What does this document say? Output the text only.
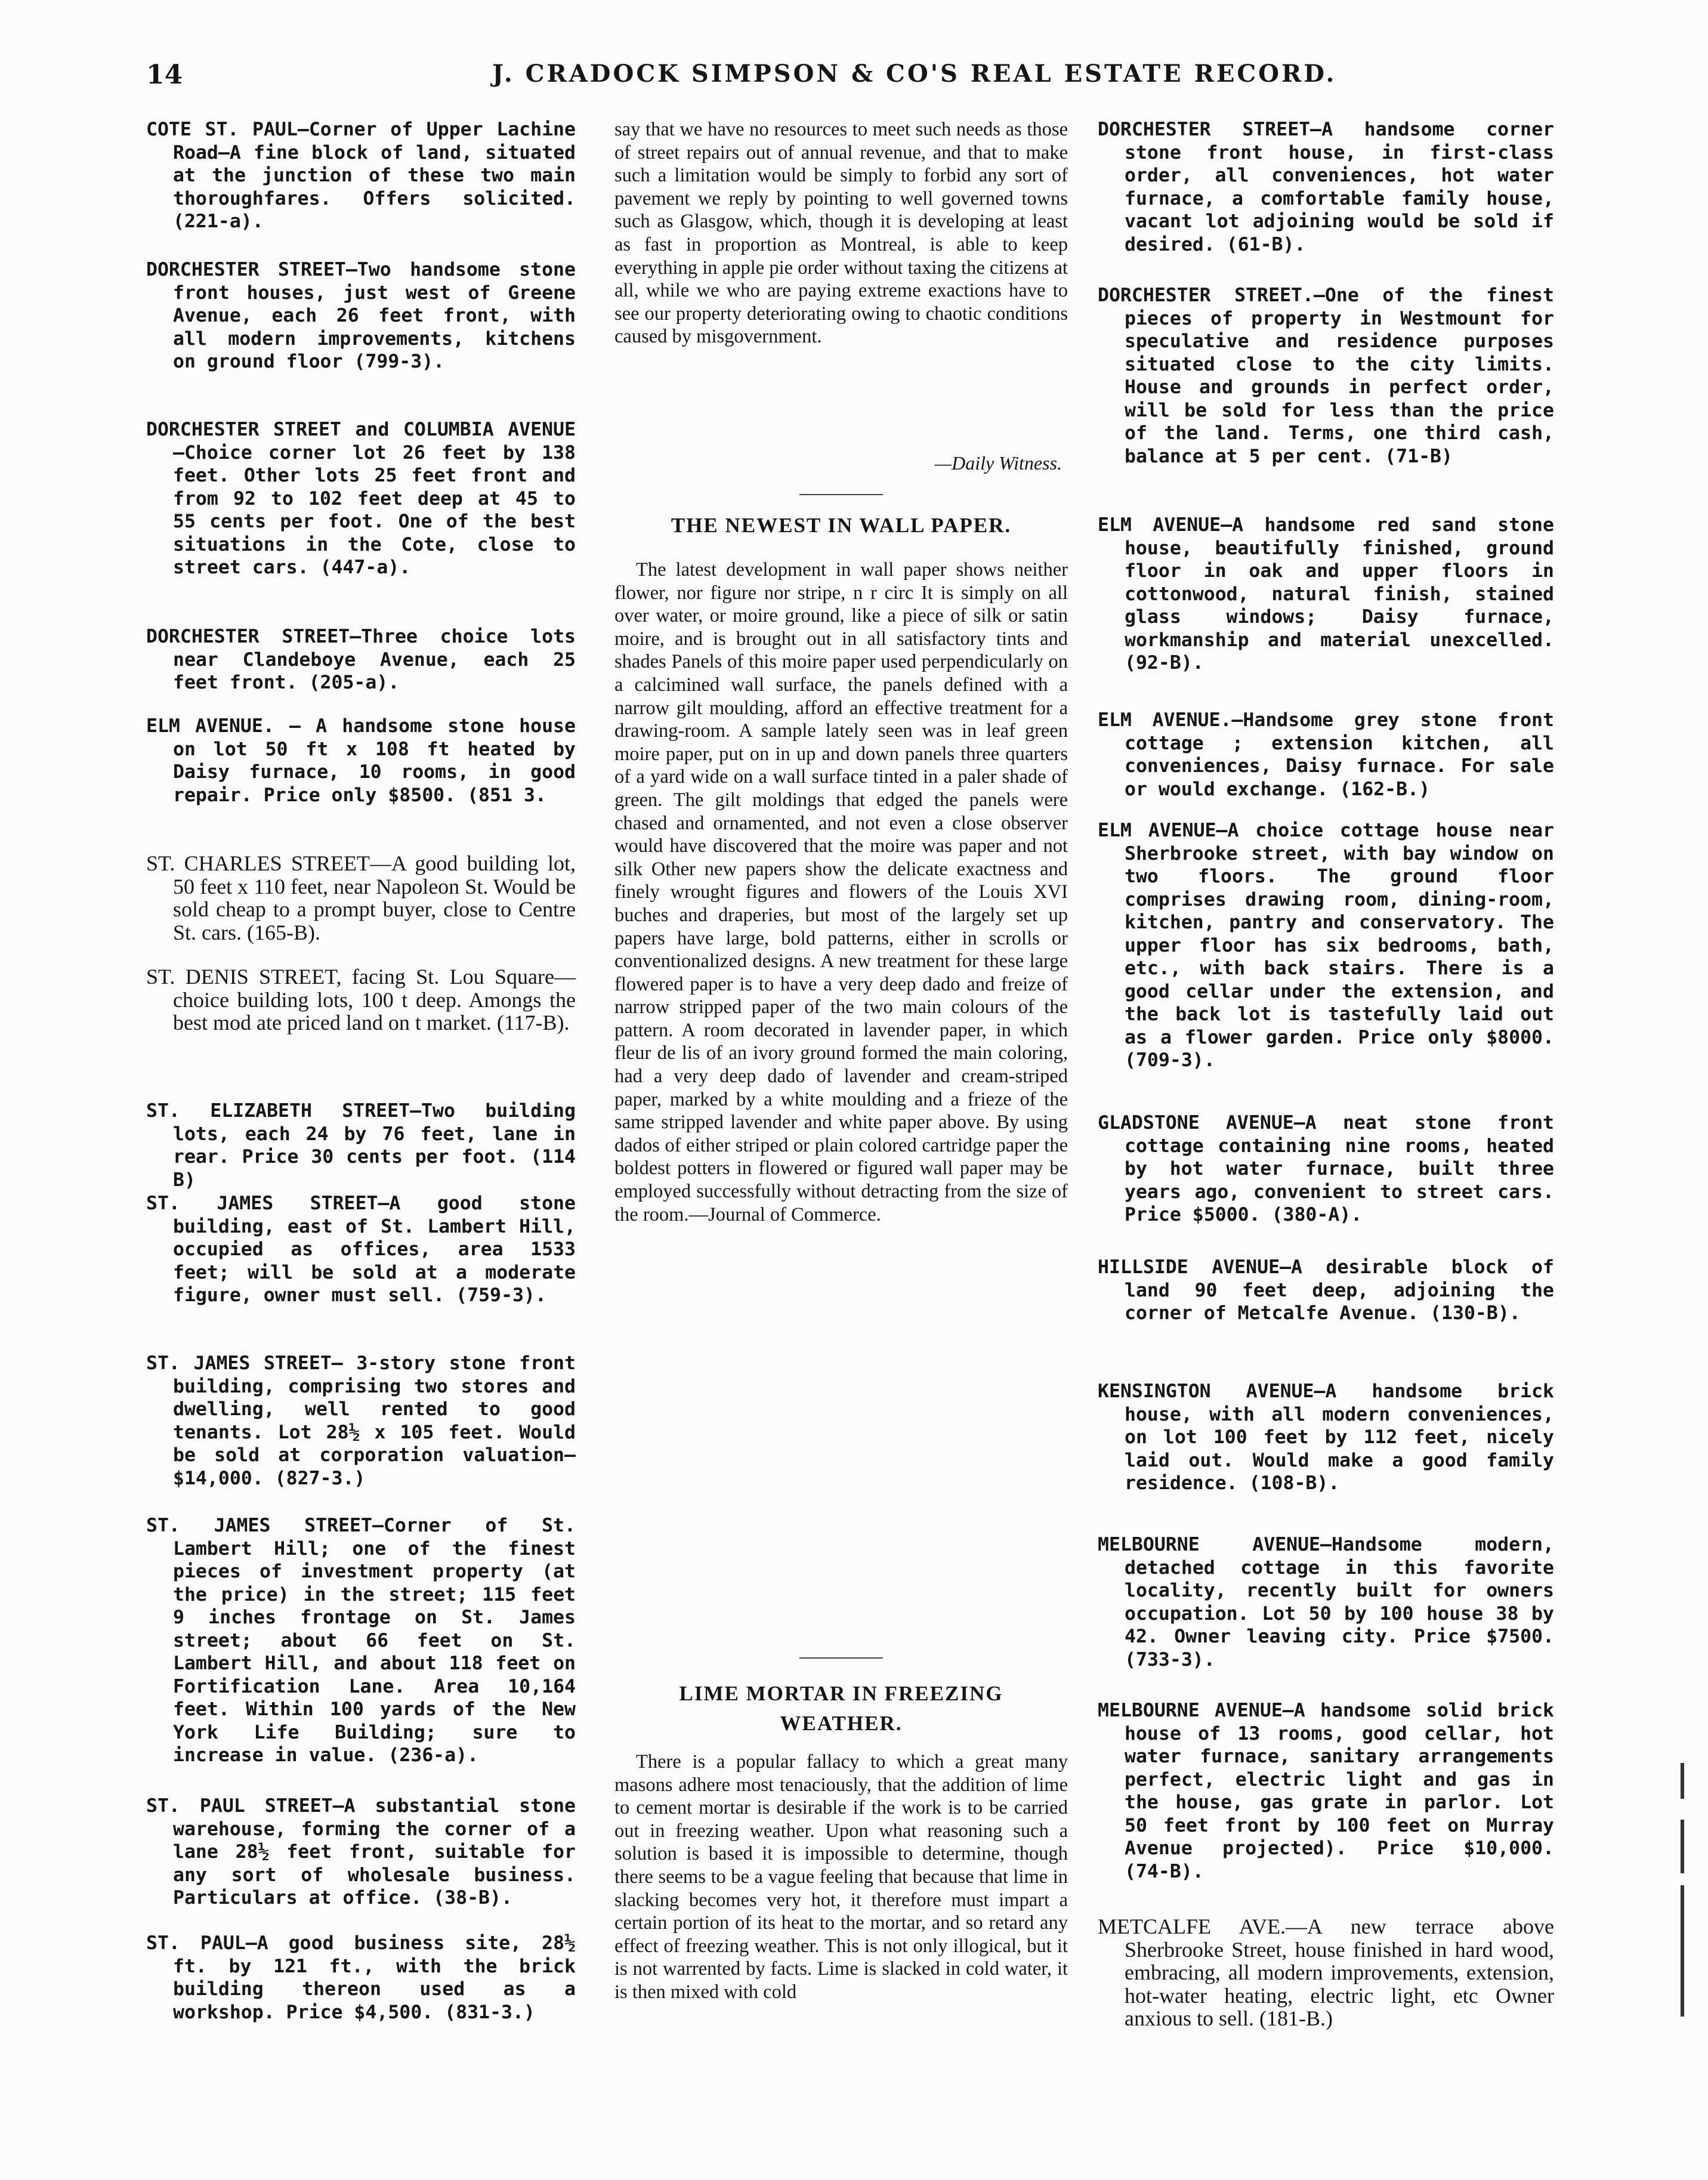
14	J. CRADOCK SIMPSON & CO'S REAL ESTATE RECORD.

COTE ST. PAUL—Corner of Upper Lachine Road—A fine block of land, situated at the junction of these two main thoroughfares. Offers solicited. (221-a).

DORCHESTER STREET—Two handsome stone front houses, just west of Greene Avenue, each 26 feet front, with all modern improvements, kitchens on ground floor (799-3).

DORCHESTER STREET and COLUMBIA AVENUE—Choice corner lot 26 feet by 138 feet. Other lots 25 feet front and from 92 to 102 feet deep at 45 to 55 cents per foot. One of the best situations in the Cote, close to street cars. (447-a).

DORCHESTER STREET—Three choice lots near Clandeboye Avenue, each 25 feet front. (205-a).

ELM AVENUE. — A handsome stone house on lot 50 ft x 108 ft heated by Daisy furnace, 10 rooms, in good repair. Price only $8500. (851 3.

ST. CHARLES STREET—A good building lot, 50 feet x 110 feet, near Napoleon St. Would be sold cheap to a prompt buyer, close to Centre St. cars. (165-B).

ST. DENIS STREET, facing St. Lou Square—choice building lots, 100 t deep. Amongs the best mod ate priced land on t market. (117-B).

ST. ELIZABETH STREET—Two building lots, each 24 by 76 feet, lane in rear. Price 30 cents per foot. (114 B)

ST. JAMES STREET—A good stone building, east of St. Lambert Hill, occupied as offices, area 1533 feet; will be sold at a moderate figure, owner must sell. (759-3).

ST. JAMES STREET— 3-story stone front building, comprising two stores and dwelling, well rented to good tenants. Lot 28½ x 105 feet. Would be sold at corporation valuation—$14,000. (827-3.)

ST. JAMES STREET—Corner of St. Lambert Hill; one of the finest pieces of investment property (at the price) in the street; 115 feet 9 inches frontage on St. James street; about 66 feet on St. Lambert Hill, and about 118 feet on Fortification Lane. Area 10,164 feet. Within 100 yards of the New York Life Building; sure to increase in value. (236-a).

ST. PAUL STREET—A substantial stone warehouse, forming the corner of a lane 28½ feet front, suitable for any sort of wholesale business. Particulars at office. (38-B).

ST. PAUL—A good business site, 28½ ft. by 121 ft., with the brick building thereon used as a workshop. Price $4,500. (831-3.)

say that we have no resources to meet such needs as those of street repairs out of annual revenue, and that to make such a limitation would be simply to forbid any sort of pavement we reply by pointing to well governed towns such as Glasgow, which, though it is developing at least as fast in proportion as Montreal, is able to keep everything in apple pie order without taxing the citizens at all, while we who are paying extreme exactions have to see our property deteriorating owing to chaotic conditions caused by misgovernment.

—Daily Witness.
THE NEWEST IN WALL PAPER.

The latest development in wall paper shows neither flower, nor figure nor stripe, n r circ It is simply on all over water, or moire ground, like a piece of silk or satin moire, and is brought out in all satisfactory tints and shades Panels of this moire paper used perpendicularly on a calcimined wall surface, the panels defined with a narrow gilt moulding, afford an effective treatment for a drawing-room. A sample lately seen was in leaf green moire paper, put on in up and down panels three quarters of a yard wide on a wall surface tinted in a paler shade of green. The gilt moldings that edged the panels were chased and ornamented, and not even a close observer would have discovered that the moire was paper and not silk Other new papers show the delicate exactness and finely wrought figures and flowers of the Louis XVI buches and draperies, but most of the largely set up papers have large, bold patterns, either in scrolls or conventionalized designs. A new treatment for these large flowered paper is to have a very deep dado and freize of narrow stripped paper of the two main colours of the pattern. A room decorated in lavender paper, in which fleur de lis of an ivory ground formed the main coloring, had a very deep dado of lavender and cream-striped paper, marked by a white moulding and a frieze of the same stripped lavender and white paper above. By using dados of either striped or plain colored cartridge paper the boldest potters in flowered or figured wall paper may be employed successfully without detracting from the size of the room.—Journal of Commerce.

LIME MORTAR IN FREEZING
WEATHER.

There is a popular fallacy to which a great many masons adhere most tenaciously, that the addition of lime to cement mortar is desirable if the work is to be carried out in freezing weather. Upon what reasoning such a solution is based it is impossible to determine, though there seems to be a vague feeling that because that lime in slacking becomes very hot, it therefore must impart a certain portion of its heat to the mortar, and so retard any effect of freezing weather. This is not only illogical, but it is not warrented by facts. Lime is slacked in cold water, it is then mixed with cold

DORCHESTER STREET—A handsome corner stone front house, in first-class order, all conveniences, hot water furnace, a comfortable family house, vacant lot adjoining would be sold if desired. (61-B).

DORCHESTER STREET.—One of the finest pieces of property in Westmount for speculative and residence purposes situated close to the city limits. House and grounds in perfect order, will be sold for less than the price of the land. Terms, one third cash, balance at 5 per cent. (71-B)

ELM AVENUE—A handsome red sand stone house, beautifully finished, ground floor in oak and upper floors in cottonwood, natural finish, stained glass windows; Daisy furnace, workmanship and material unexcelled. (92-B).

ELM AVENUE.—Handsome grey stone front cottage ; extension kitchen, all conveniences, Daisy furnace. For sale or would exchange. (162-B.)

ELM AVENUE—A choice cottage house near Sherbrooke street, with bay window on two floors. The ground floor comprises drawing room, dining-room, kitchen, pantry and conservatory. The upper floor has six bedrooms, bath, etc., with back stairs. There is a good cellar under the extension, and the back lot is tastefully laid out as a flower garden. Price only $8000. (709-3).

GLADSTONE AVENUE—A neat stone front cottage containing nine rooms, heated by hot water furnace, built three years ago, convenient to street cars. Price $5000. (380-A).

HILLSIDE AVENUE—A desirable block of land 90 feet deep, adjoining the corner of Metcalfe Avenue. (130-B).

KENSINGTON AVENUE—A handsome brick house, with all modern conveniences, on lot 100 feet by 112 feet, nicely laid out. Would make a good family residence. (108-B).

MELBOURNE AVENUE—Handsome modern, detached cottage in this favorite locality, recently built for owners occupation. Lot 50 by 100 house 38 by 42. Owner leaving city. Price $7500. (733-3).

MELBOURNE AVENUE—A handsome solid brick house of 13 rooms, good cellar, hot water furnace, sanitary arrangements perfect, electric light and gas in the house, gas grate in parlor. Lot 50 feet front by 100 feet on Murray Avenue projected). Price $10,000. (74-B).

METCALFE AVE.—A new terrace above Sherbrooke Street, house finished in hard wood, embracing, all modern improvements, extension, hot-water heating, electric light, etc Owner anxious to sell. (181-B.)
